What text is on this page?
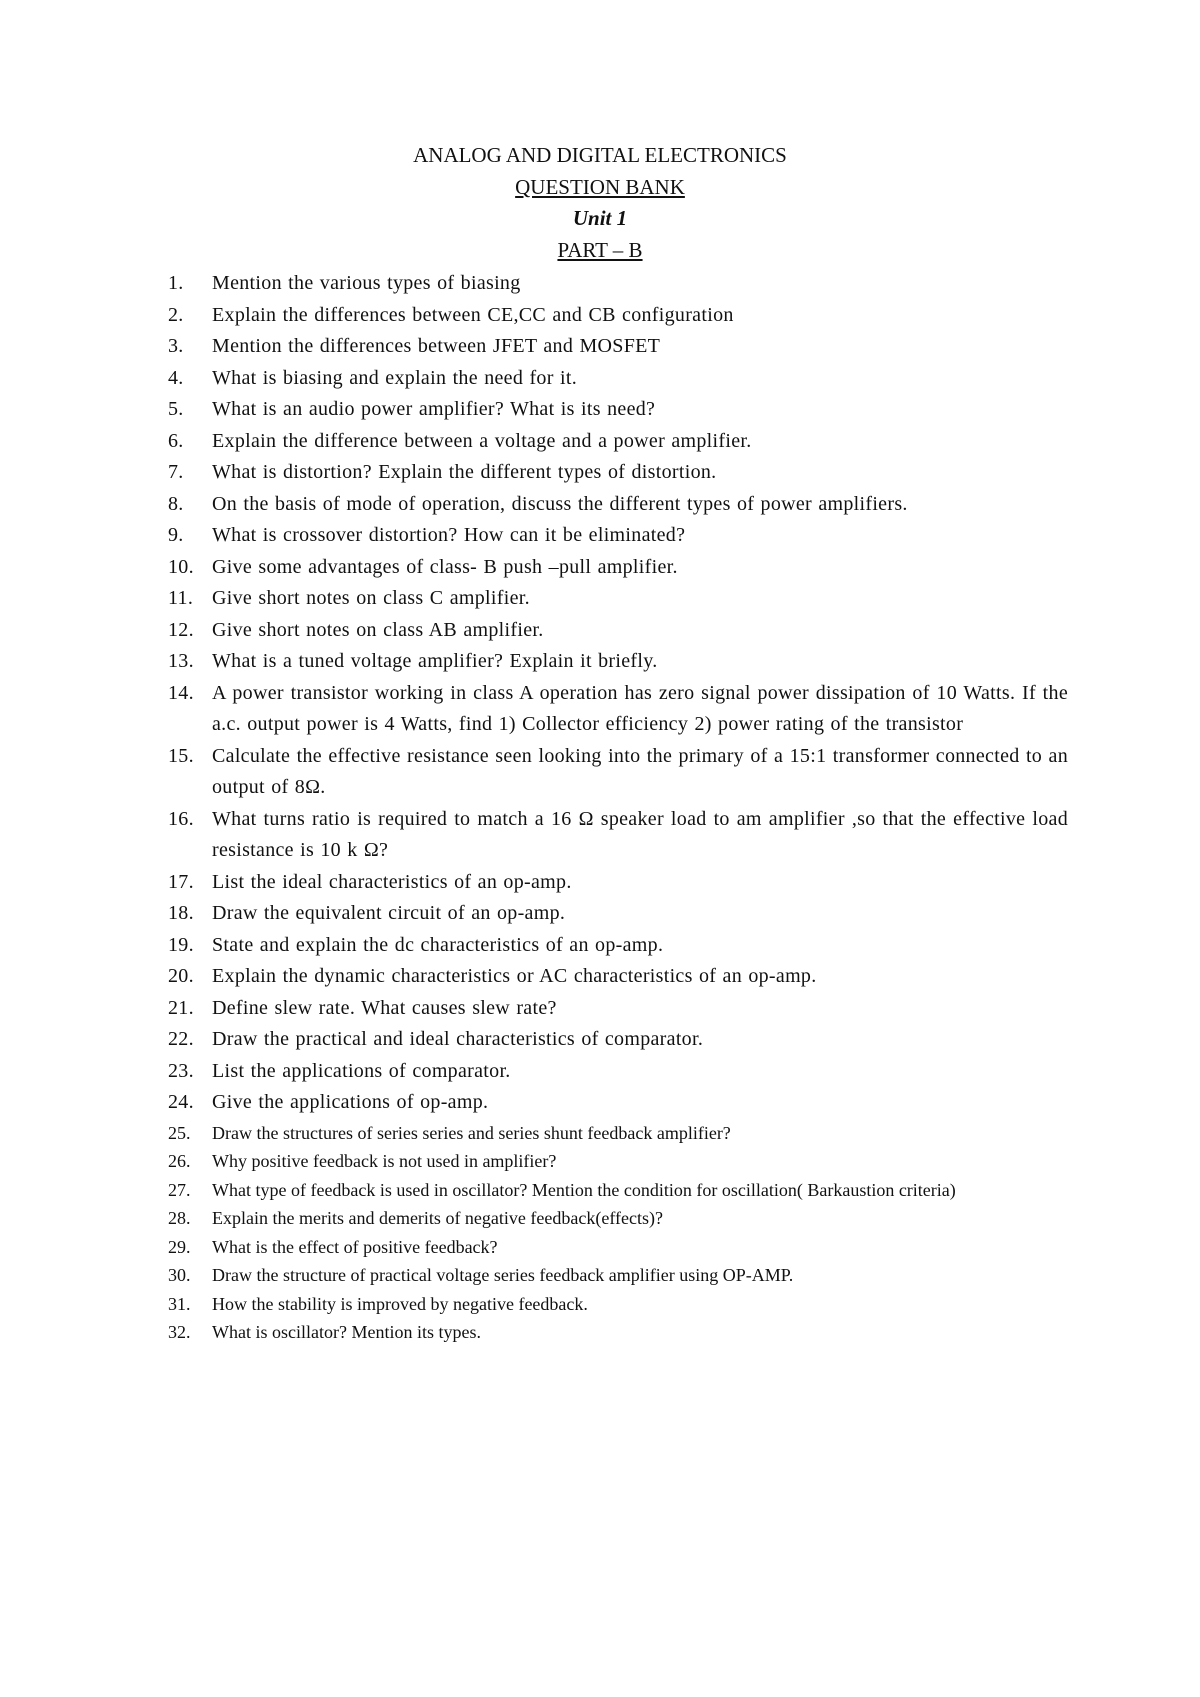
ANALOG AND DIGITAL ELECTRONICS
QUESTION BANK
Unit 1
PART – B
1.	Mention the various types of biasing
2.	Explain the differences between CE,CC and CB configuration
3.	Mention the differences between JFET and MOSFET
4.	What is biasing and explain the need for it.
5.	What is an audio power amplifier? What is its need?
6.	Explain the difference between a voltage and a power amplifier.
7.	What is distortion? Explain the different types of distortion.
8.	On the basis of mode of operation, discuss the different types of power amplifiers.
9.	What is crossover distortion? How can it be eliminated?
10. Give some advantages of class- B push –pull amplifier.
11. Give short notes on class C amplifier.
12. Give short notes on class AB amplifier.
13. What is a tuned voltage amplifier? Explain it briefly.
14. A power transistor working in class A operation has zero signal power dissipation of 10 Watts. If the a.c. output power is 4 Watts, find 1) Collector efficiency 2) power rating of the transistor
15. Calculate the effective resistance seen looking into the primary of a 15:1 transformer connected to an output of 8Ω.
16. What turns ratio is required to match a 16 Ω speaker load to am amplifier ,so that the effective load resistance is 10 k Ω?
17. List the ideal characteristics of an op-amp.
18. Draw the equivalent circuit of an op-amp.
19. State and explain the dc characteristics of an op-amp.
20. Explain the dynamic characteristics or AC characteristics of an op-amp.
21. Define slew rate. What causes slew rate?
22. Draw the practical and ideal characteristics of comparator.
23. List the applications of comparator.
24. Give the applications of op-amp.
25.	Draw the structures of series series and series shunt feedback amplifier?
26.	Why positive feedback is not used in amplifier?
27.	What type of feedback is used in oscillator? Mention the condition for oscillation( Barkaustion criteria)
28.	Explain the merits and demerits of negative feedback(effects)?
29.	What is the effect of positive feedback?
30.	Draw the structure of practical voltage series feedback amplifier using OP-AMP.
31.	How the stability is improved by negative feedback.
32.	What is oscillator? Mention its types.
